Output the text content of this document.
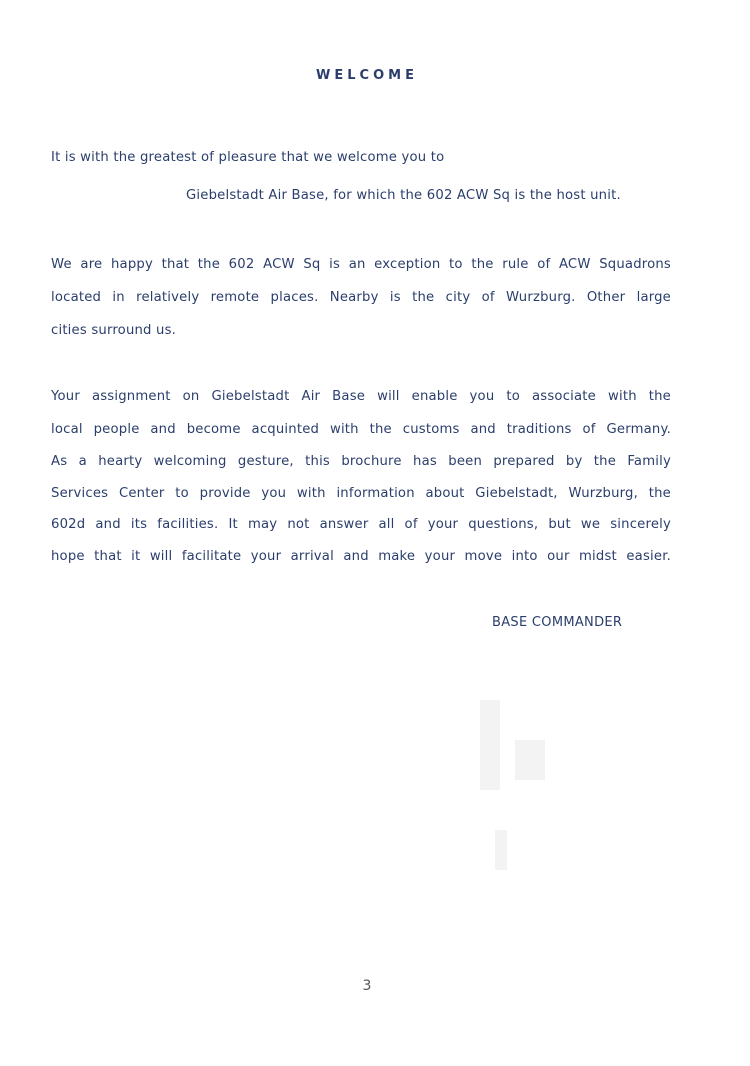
WELCOME
It is with the greatest of pleasure that we welcome you to
Giebelstadt Air Base, for which the 602 ACW Sq is the host unit.
We are happy that the 602 ACW Sq is an exception to the rule of ACW Squadrons
located in relatively remote places. Nearby is the city of Wurzburg. Other large
cities surround us.
Your assignment on Giebelstadt Air Base will enable you to associate with the
local people and become acquinted with the customs and traditions of Germany.
As a hearty welcoming gesture, this brochure has been prepared by the Family
Services Center to provide you with information about Giebelstadt, Wurzburg, the
602d and its facilities. It may not answer all of your questions, but we sincerely
hope that it will facilitate your arrival and make your move into our midst easier.
BASE COMMANDER
3
